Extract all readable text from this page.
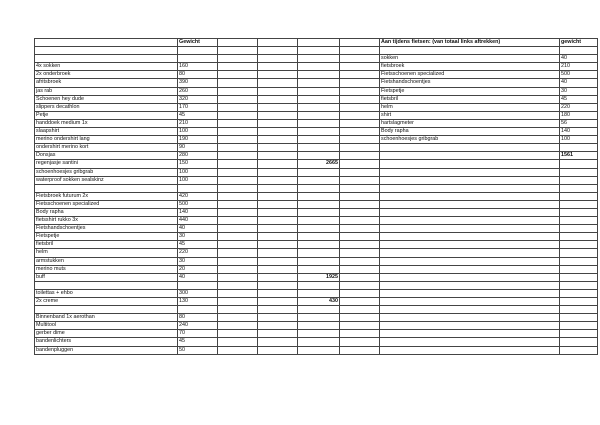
	Gewicht					Aan tijdens fietsen: (van totaal links aftrekken)	gewicht

						sokken	40
4x sokken	160					fietsbroek	210
2x onderbroek	80					Fietsschoenen specialized	500
afritsbroek	390					Fietshandschoentjes	40
jas rab	260					Fietspetje	30
Schoenen hey dude	320					fietsbril	45
slippers decathlon	170					helm	220
Petje	45					shirt	180
handdoek medium 1x	210					hartslagmeter	56
slaapshirt	100					Body rapha	140
merino ondershirt lang	190					schoenhoesjes gribgrab	100
ondershirt merino kort	90						
Donsjas	280						1561
regenjasje santini	150			2665			
schoenhoesjes gribgrab	100						
waterproof sokken sealskinz	100						

Fietsbroek futurum 2x	420						
Fietsschoenen specialized	500						
Body rapha	140						
fietsshirt rukko 3x	440						
Fietshandschoentjes	40						
Fietspetje	30						
fietsbril	45						
helm	220						
armstukken	30						
merino muts	20						
buff	40			1925			

toilettas + ehbo	300						
2x creme	130			430			

Binnenband 1x aerothan	80						
Multitool	240						
gerber dime	70						
bandenlichters	45						
bandenpluggen	50						
